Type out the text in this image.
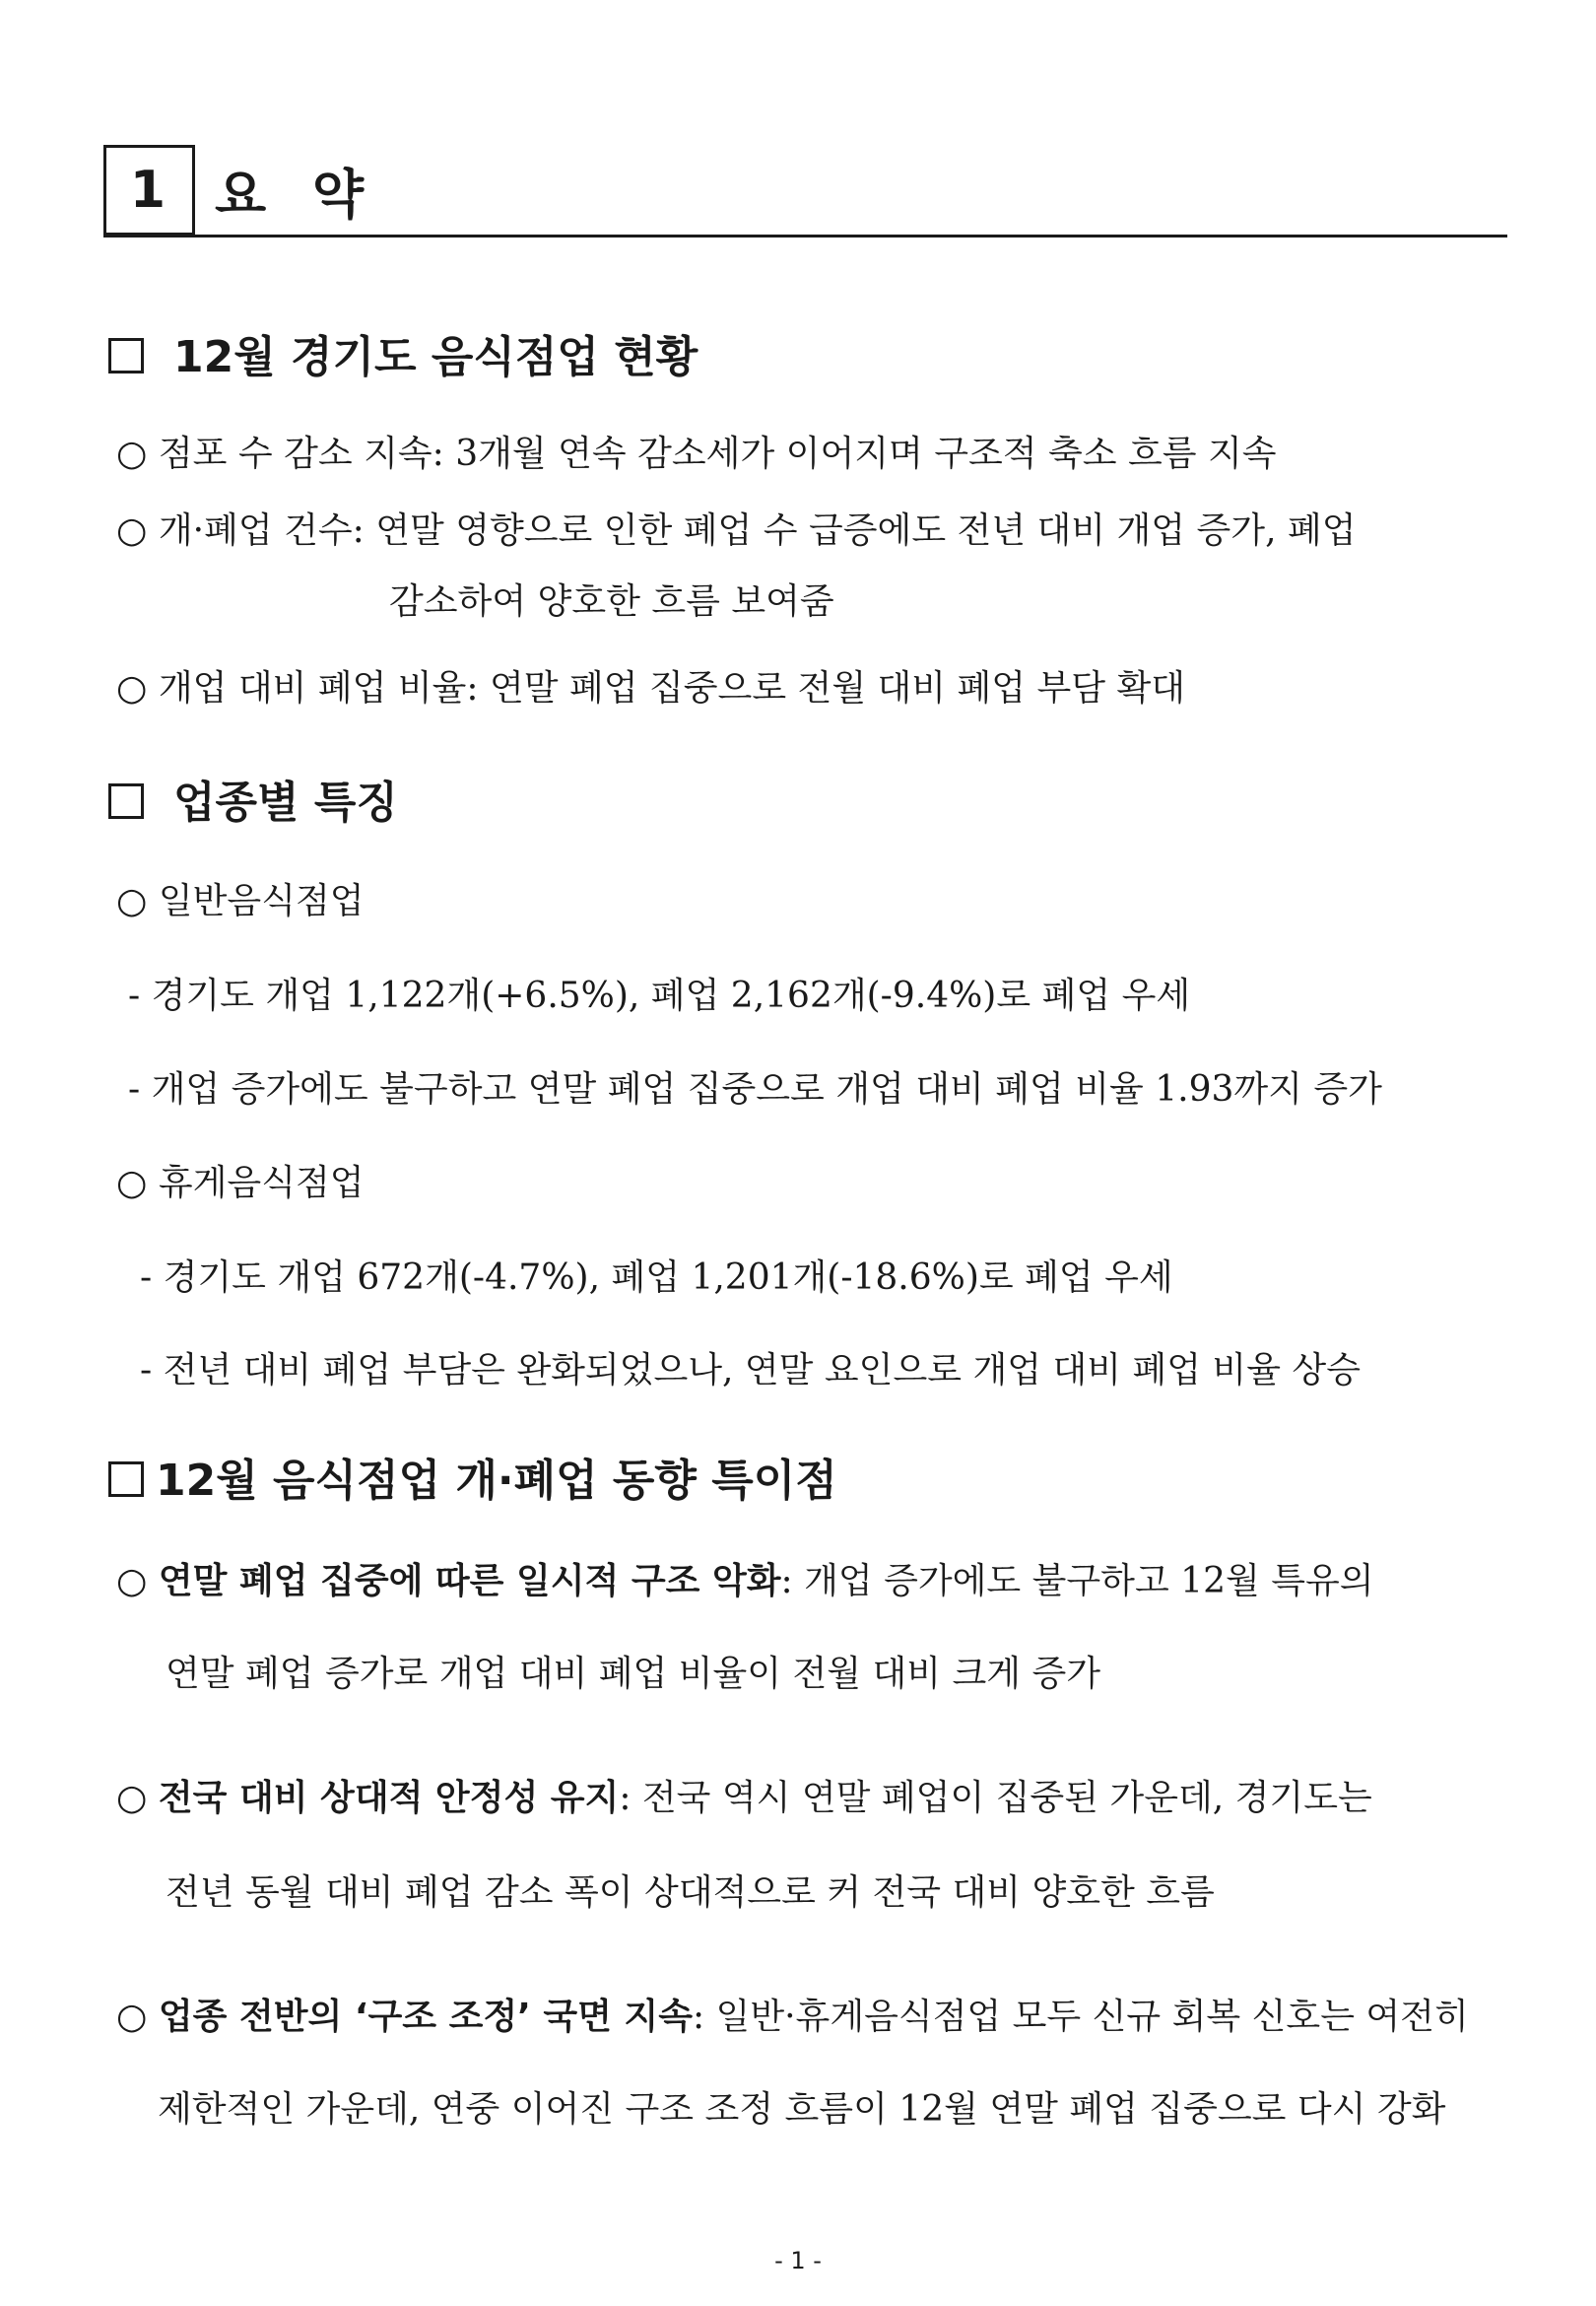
1 요 약
12월 경기도 음식점업 현황
○ 점포 수 감소 지속: 3개월 연속 감소세가 이어지며 구조적 축소 흐름 지속
○ 개·폐업 건수: 연말 영향으로 인한 폐업 수 급증에도 전년 대비 개업 증가, 폐업
감소하여 양호한 흐름 보여줌
○ 개업 대비 폐업 비율: 연말 폐업 집중으로 전월 대비 폐업 부담 확대
업종별 특징
○ 일반음식점업
- 경기도 개업 1,122개(+6.5%), 폐업 2,162개(-9.4%)로 폐업 우세
- 개업 증가에도 불구하고 연말 폐업 집중으로 개업 대비 폐업 비율 1.93까지 증가
○ 휴게음식점업
- 경기도 개업 672개(-4.7%), 폐업 1,201개(-18.6%)로 폐업 우세
- 전년 대비 폐업 부담은 완화되었으나, 연말 요인으로 개업 대비 폐업 비율 상승
12월 음식점업 개·폐업 동향 특이점
○ 연말 폐업 집중에 따른 일시적 구조 악화: 개업 증가에도 불구하고 12월 특유의
연말 폐업 증가로 개업 대비 폐업 비율이 전월 대비 크게 증가
○ 전국 대비 상대적 안정성 유지: 전국 역시 연말 폐업이 집중된 가운데, 경기도는
전년 동월 대비 폐업 감소 폭이 상대적으로 커 전국 대비 양호한 흐름
○ 업종 전반의 ‘구조 조정’ 국면 지속: 일반·휴게음식점업 모두 신규 회복 신호는 여전히
제한적인 가운데, 연중 이어진 구조 조정 흐름이 12월 연말 폐업 집중으로 다시 강화
- 1 -
